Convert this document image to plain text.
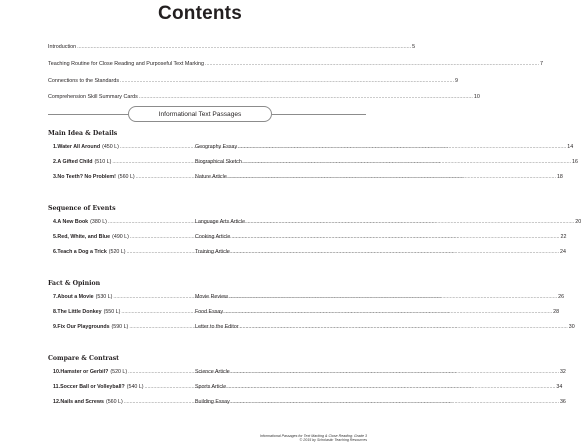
Contents
Introduction .....	5
Teaching Routine for Close Reading and Purposeful Text Marking .....	7
Connections to the Standards .....	9
Comprehension Skill Summary Cards .....	10
Informational Text Passages
Main Idea & Details
1. Water All Around (450 L) .....	Geography Essay .....	14
2. A Gifted Child (510 L) .....	Biographical Sketch .....	16
3. No Teeth? No Problem! (560 L) .....	Nature Article .....	18
Sequence of Events
4. A New Book (380 L) .....	Language Arts Article .....	20
5. Red, White, and Blue (490 L) .....	Cooking Article .....	22
6. Teach a Dog a Trick (520 L) .....	Training Article .....	24
Fact & Opinion
7. About a Movie (530 L) .....	Movie Review .....	26
8. The Little Donkey (550 L) .....	Food Essay .....	28
9. Fix Our Playgrounds (590 L) .....	Letter to the Editor .....	30
Compare & Contrast
10. Hamster or Gerbil? (520 L) .....	Science Article .....	32
11. Soccer Ball or Volleyball? (540 L) .....	Sports Article .....	34
12. Nails and Screws (560 L) .....	Building Essay .....	36
Informational Passages for Text Marking & Close Reading: Grade 3
© 2015 by Scholastic Teaching Resources
